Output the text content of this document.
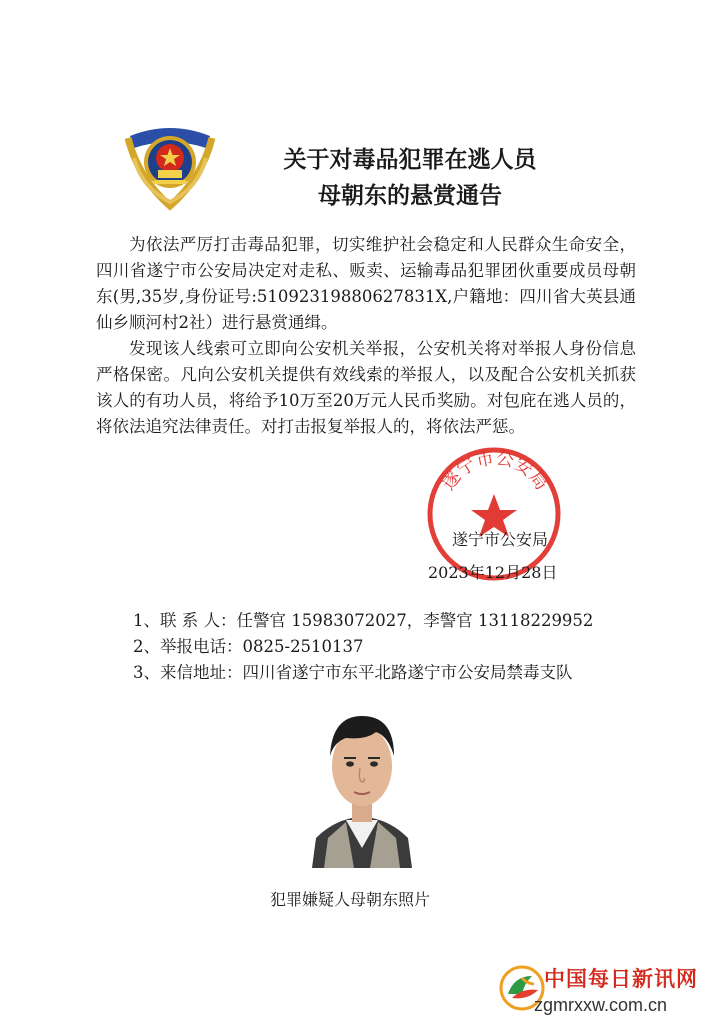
关于对毒品犯罪在逃人员
母朝东的悬赏通告

为依法严厉打击毒品犯罪，切实维护社会稳定和人民群众生命安全，四川省遂宁市公安局决定对走私、贩卖、运输毒品犯罪团伙重要成员母朝东(男,35岁,身份证号:51092319880627831X,户籍地：四川省大英县通仙乡顺河村2社）进行悬赏通缉。

发现该人线索可立即向公安机关举报，公安机关将对举报人身份信息严格保密。凡向公安机关提供有效线索的举报人，以及配合公安机关抓获该人的有功人员，将给予10万至20万元人民币奖励。对包庇在逃人员的，将依法追究法律责任。对打击报复举报人的，将依法严惩。

遂宁市公安局
遂宁市公安局
2023年12月28日
1、联 系 人：任警官 15983072027，李警官 13118229952
2、举报电话：0825-2510137
3、来信地址：四川省遂宁市东平北路遂宁市公安局禁毒支队
犯罪嫌疑人母朝东照片
中国每日新讯网
zgmrxxw.com.cn
